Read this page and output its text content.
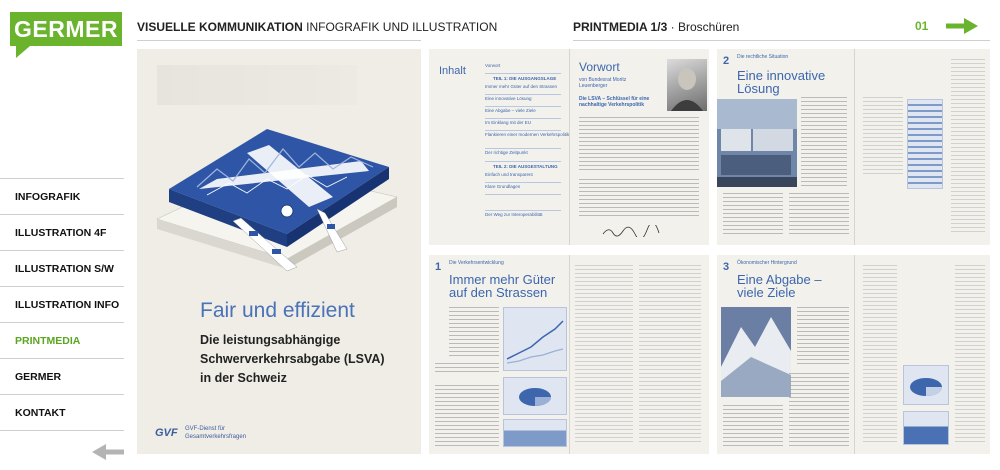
GERMER	VISUELLE KOMMUNIKATION INFOGRAFIK UND ILLUSTRATION	PRINTMEDIA 1/3 · Broschüren	01
INFOGRAFIK
ILLUSTRATION 4F
ILLUSTRATION S/W
ILLUSTRATION INFO
PRINTMEDIA
GERMER
KONTAKT
Fair und effizient
Die leistungsabhängige
Schwerverkehrsabgabe (LSVA)
in der Schweiz
GVF GVF-Dienst für
Gesamtverkehrsfragen
Inhalt	Vorwort
TEIL 1: DIE AUSGANGSLAGE
Immer mehr Güter auf den Strassen
Eine innovative Lösung
Eine Abgabe – viele Ziele
Im Einklang mit der EU
Flankieren einer modernen Verkehrspolitik
Der richtige Zeitpunkt
TEIL 2: DIE AUSGESTALTUNG
Einfach und transparent
Klare Grundlagen
Der Weg zur Interoperabilität
Vorwort
von Bundesrat Moritz Leuenberger
Die LSVA – Schlüssel für eine nachhaltige Verkehrspolitik
2 Die rechtliche Situation
Eine innovative
Lösung
1 Die Verkehrsentwicklung
Immer mehr Güter
auf den Strassen
3 Ökonomischer Hintergrund
Eine Abgabe –
viele Ziele
